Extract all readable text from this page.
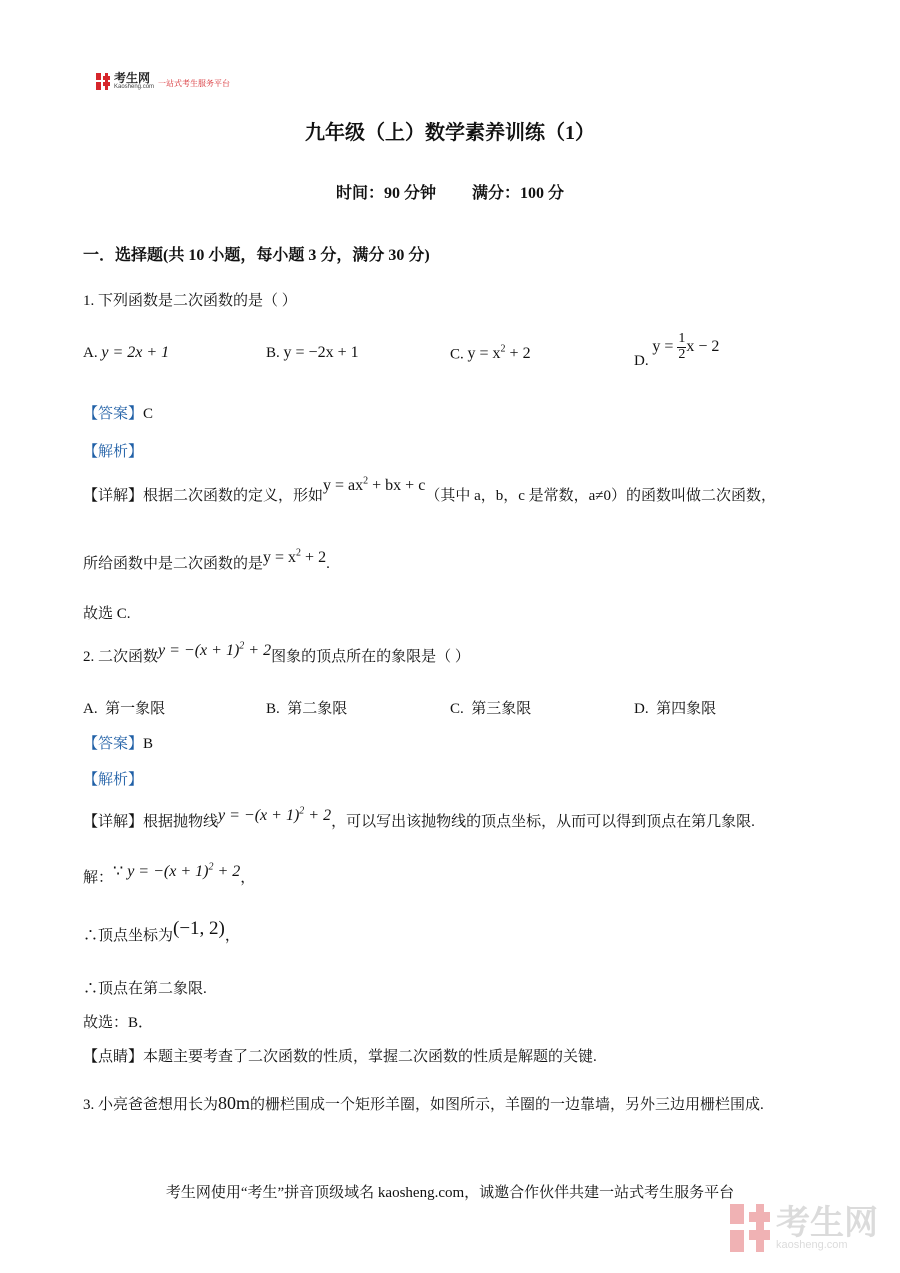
考生网
Kaosheng.com 一站式考生服务平台
九年级（上）数学素养训练（1）
时间：90 分钟 满分：100 分
一．选择题(共 10 小题，每小题 3 分，满分 30 分)
1. 下列函数是二次函数的是（ ）
A. y = 2x + 1	B. y = −2x + 1	C. $y = x^2 + 2$	D. $y = \frac{1}{2}$ x − 2
【答案】C
【解析】
【详解】根据二次函数的定义，形如$y = ax^2$ + bx + c（其中 a，b，c 是常数，a≠0）的函数叫做二次函数，
所给函数中是二次函数的是$y = x^2 + 2$.
故选 C.
2. 二次函数$y = -(x + 1)^2 + 2$图象的顶点所在的象限是（ ）
A. 第一象限	B. 第二象限	C. 第三象限	D. 第四象限
【答案】B
【解析】
【详解】根据抛物线$y = -(x + 1)^2 + 2$，可以写出该抛物线的顶点坐标，从而可以得到顶点在第几象限.
解：∵ $y = -(x + 1)^2 + 2$，
∴顶点坐标为(−1, 2)，
∴顶点在第二象限.
故选：B．
【点睛】本题主要考查了二次函数的性质，掌握二次函数的性质是解题的关键.
3. 小亮爸爸想用长为80m的栅栏围成一个矩形羊圈，如图所示，羊圈的一边靠墙，另外三边用栅栏围成.
考生网使用“考生”拼音顶级域名 kaosheng.com，诚邀合作伙伴共建一站式考生服务平台
考生网
kaosheng.com
